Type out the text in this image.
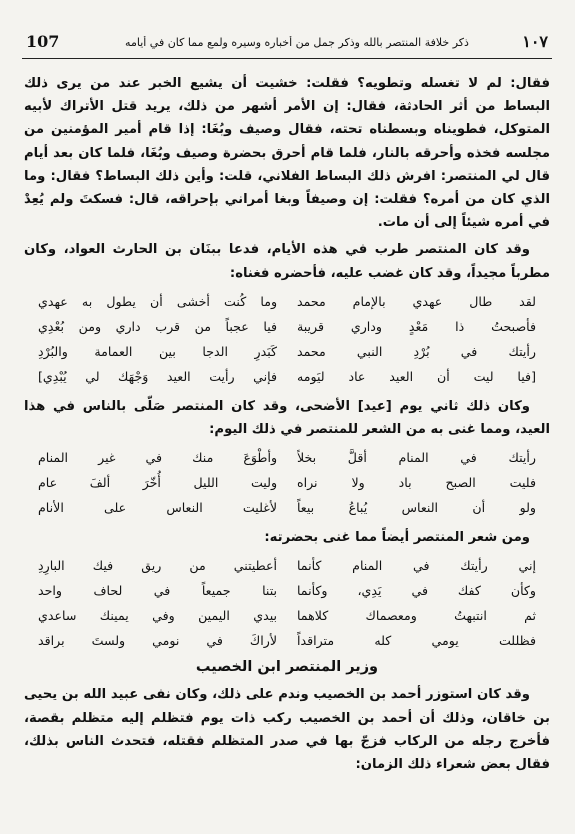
107	ذكر خلافة المنتصر بالله وذكر جمل من أخباره وسيره ولمع مما كان في أيامه	١٠٧

فقال: لم لا تغسله وتطويه؟ فقلت: خشيت أن يشيع الخبر عند من يرى ذلك البساط من أثر الحادثة، فقال: إن الأمر أشهر من ذلك، يريد قتل الأتراك لأبيه المتوكل، فطويناه وبسطناه تحته، فقال وصيف وبُغَا: إذا قام أمير المؤمنين من مجلسه فخذه وأحرقه بالنار، فلما قام أحرق بحضرة وصيف وبُغَا، فلما كان بعد أيام قال لي المنتصر: افرش ذلك البساط الفلاني، قلت: وأين ذلك البساط؟ فقال: وما الذي كان من أمره؟ فقلت: إن وصيفاً وبغا أمراني بإحراقه، قال: فسكتَ ولم يُعِدْ في أمره شيئاً إلى أن مات.

وقد كان المنتصر طرب في هذه الأيام، فدعا ببنَان بن الحارث العواد، وكان مطرباً مجيداً، وقد كان غضب عليه، فأحضره فغناه:

لقد طال عهدي بالإمام محمد
وما كُنت أخشى أن يطول به عهدي
فأصبحتُ ذا مَعْدٍ وداري قريبة
فيا عجباً من قرب داري ومن بُعْدِي
رأيتك في بُرْدِ النبي محمد
كَبَدرِ الدجا بين العمامة والبُرْدِ
[فيا ليت أن العيد عاد ليَومه
فإني رأيت العيد وَجْهَك لي يُبْدِي]

وكان ذلك ثاني يوم [عيد] الأضحى، وقد كان المنتصر صَلّى بالناس في هذا العيد، ومما غنى به من الشعر للمنتصر في ذلك اليوم:

رأيتك في المنام أقلَّ بخلاً
وأطْوَعَ منك في غير المنام
فليت الصبح باد ولا نراه
وليت الليل أُخّرَ ألفَ عام
ولو أن النعاس يُباعُ بيعاً
لأغليت النعاس على الأنام

ومن شعر المنتصر أيضاً مما غنى بحضرته:

إني رأيتك في المنام كأنما
أعطيتني من ريق فيك البارِدِ
وكأن كفك في يَدِي، وكأنما
بتنا جميعاً في لحاف واحد
ثم انتبهتُ ومعصماك كلاهما
بيدي اليمين وفي يمينك ساعدي
فظللت يومي كله متراقداً
لأراكَ في نومي ولستَ براقد
وزير المنتصر ابن الخصيب

وقد كان استوزر أحمد بن الخصيب وندم على ذلك، وكان نفى عبيد الله بن يحيى بن خاقان، وذلك أن أحمد بن الخصيب ركب ذات يوم فتظلم إليه متظلم بقصة، فأخرج رجله من الركاب فزجّ بها في صدر المتظلم فقتله، فتحدث الناس بذلك، فقال بعض شعراء ذلك الزمان:
